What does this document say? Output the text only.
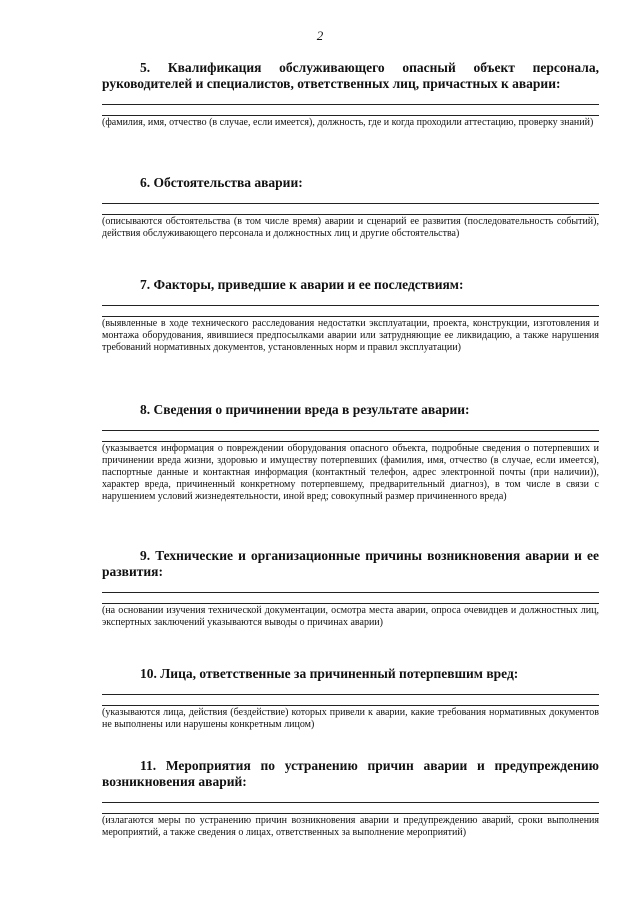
2
5. Квалификация обслуживающего опасный объект персонала, руководителей и специалистов, ответственных лиц, причастных к аварии:
(фамилия, имя, отчество (в случае, если имеется), должность, где и когда проходили аттестацию, проверку знаний)
6. Обстоятельства аварии:
(описываются обстоятельства (в том числе время) аварии и сценарий ее развития (последовательность событий), действия обслуживающего персонала и должностных лиц и другие обстоятельства)
7. Факторы, приведшие к аварии и ее последствиям:
(выявленные в ходе технического расследования недостатки эксплуатации, проекта, конструкции, изготовления и монтажа оборудования, явившиеся предпосылками аварии или затрудняющие ее ликвидацию, а также нарушения требований нормативных документов, установленных норм и правил эксплуатации)
8. Сведения о причинении вреда в результате аварии:
(указывается информация о повреждении оборудования опасного объекта, подробные сведения о потерпевших и причинении вреда жизни, здоровью и имуществу потерпевших (фамилия, имя, отчество (в случае, если имеется), паспортные данные и контактная информация (контактный телефон, адрес электронной почты (при наличии)), характер вреда, причиненный конкретному потерпевшему, предварительный диагноз), в том числе в связи с нарушением условий жизнедеятельности, иной вред; совокупный размер причиненного вреда)
9. Технические и организационные причины возникновения аварии и ее развития:
(на основании изучения технической документации, осмотра места аварии, опроса очевидцев и должностных лиц, экспертных заключений указываются выводы о причинах аварии)
10. Лица, ответственные за причиненный потерпевшим вред:
(указываются лица, действия (бездействие) которых привели к аварии, какие требования нормативных документов не выполнены или нарушены конкретным лицом)
11. Мероприятия по устранению причин аварии и предупреждению возникновения аварий:
(излагаются меры по устранению причин возникновения аварии и предупреждению аварий, сроки выполнения мероприятий, а также сведения о лицах, ответственных за выполнение мероприятий)
